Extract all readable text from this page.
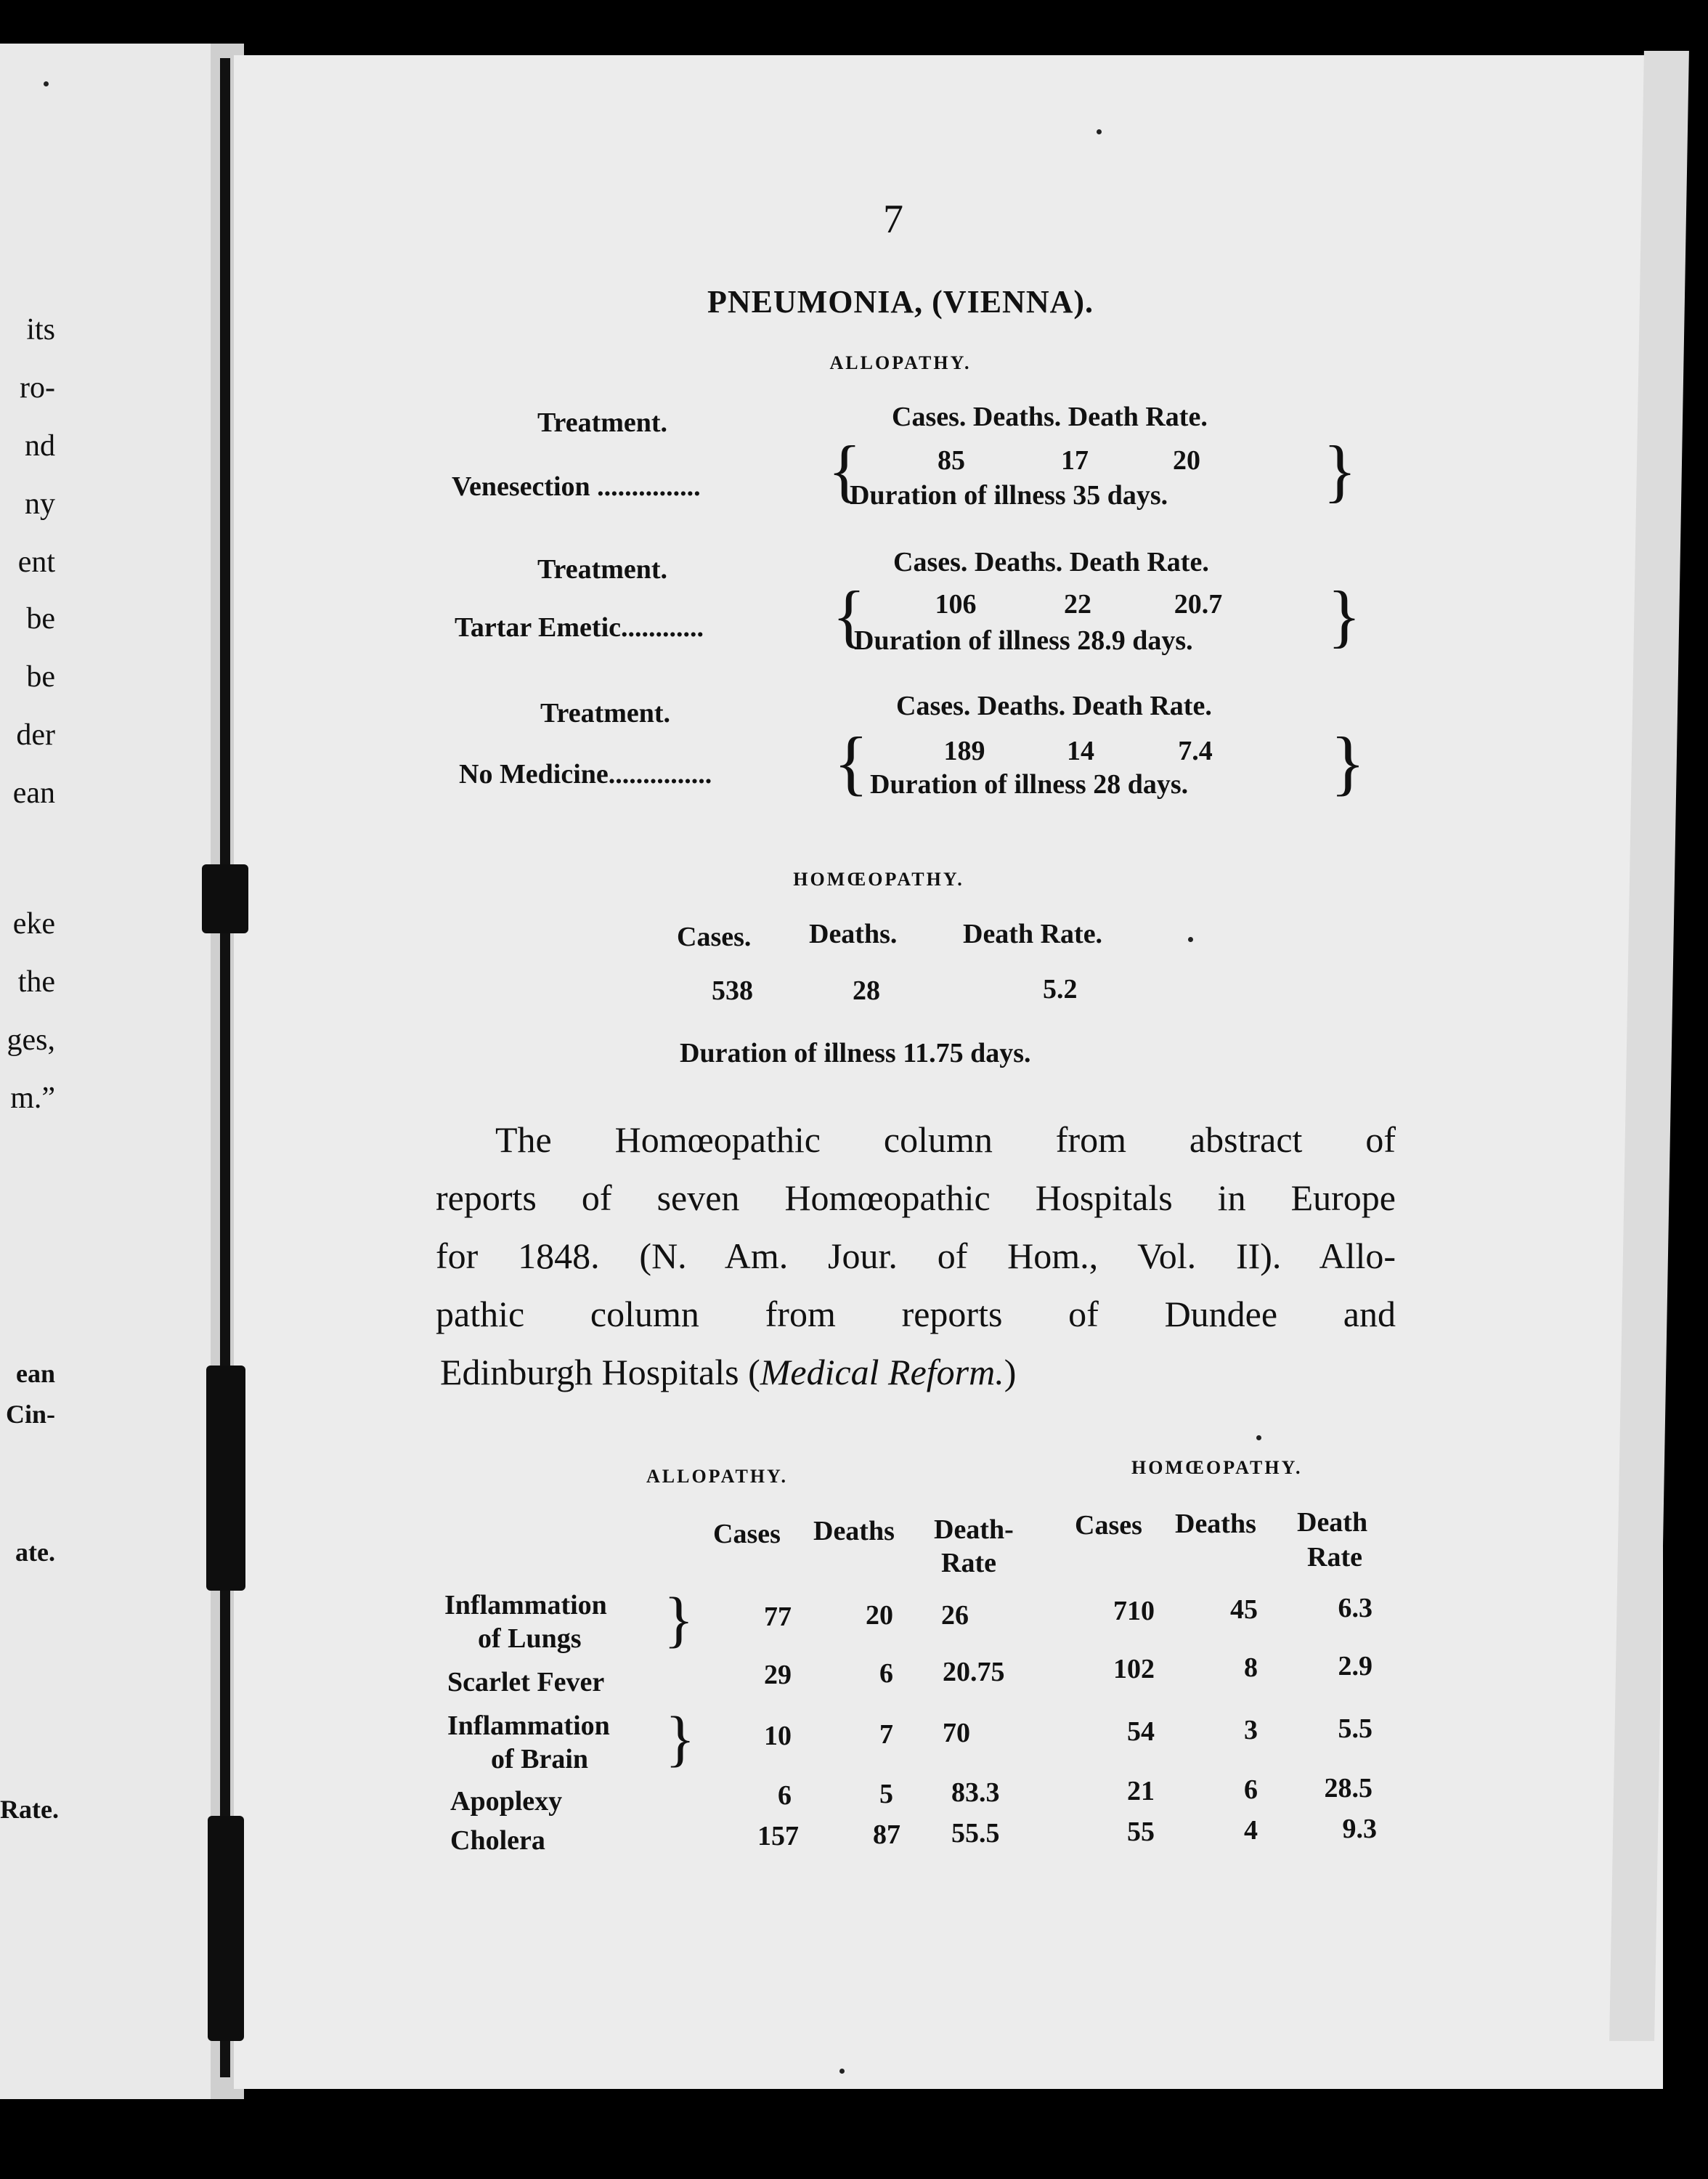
its
ro-
nd
ny
ent
be
be
der
ean
eke
the
ges,
m.”
ean
Cin-
ate.
Rate.
7
PNEUMONIA, (VIENNA).
ALLOPATHY.
Treatment.	Cases. Deaths. Death Rate.
Venesection ............... {	85	17	20
Duration of illness 35 days. }
Treatment.	Cases. Deaths. Death Rate.
Tartar Emetic............ {	106	22	20.7
Duration of illness 28.9 days. }
Treatment.	Cases. Deaths. Death Rate.
No Medicine............... {	189	14	7.4
Duration of illness 28 days. }
HOMŒOPATHY.
Cases. Deaths. Death Rate.
538	28	5.2
Duration of illness 11.75 days.
The Homœopathic column from abstract of
reports of seven Homœopathic Hospitals in Europe
for 1848. (N. Am. Jour. of Hom., Vol. II). Allo-
pathic column from reports of Dundee and
Edinburgh Hospitals (Medical Reform.)
ALLOPATHY.	HOMŒOPATHY.
Cases Deaths Death-
Rate
Cases Deaths Death
Rate
Inflammation
of Lungs }	77	20 26	710	45	6.3
Scarlet Fever	29	6 20.75	102	8	2.9
Inflammation
of Brain }	10	7 70	54	3	5.5
Apoplexy	6	5 83.3	21	6	28.5
Cholera	157	87 55.5	55	4	9.3
